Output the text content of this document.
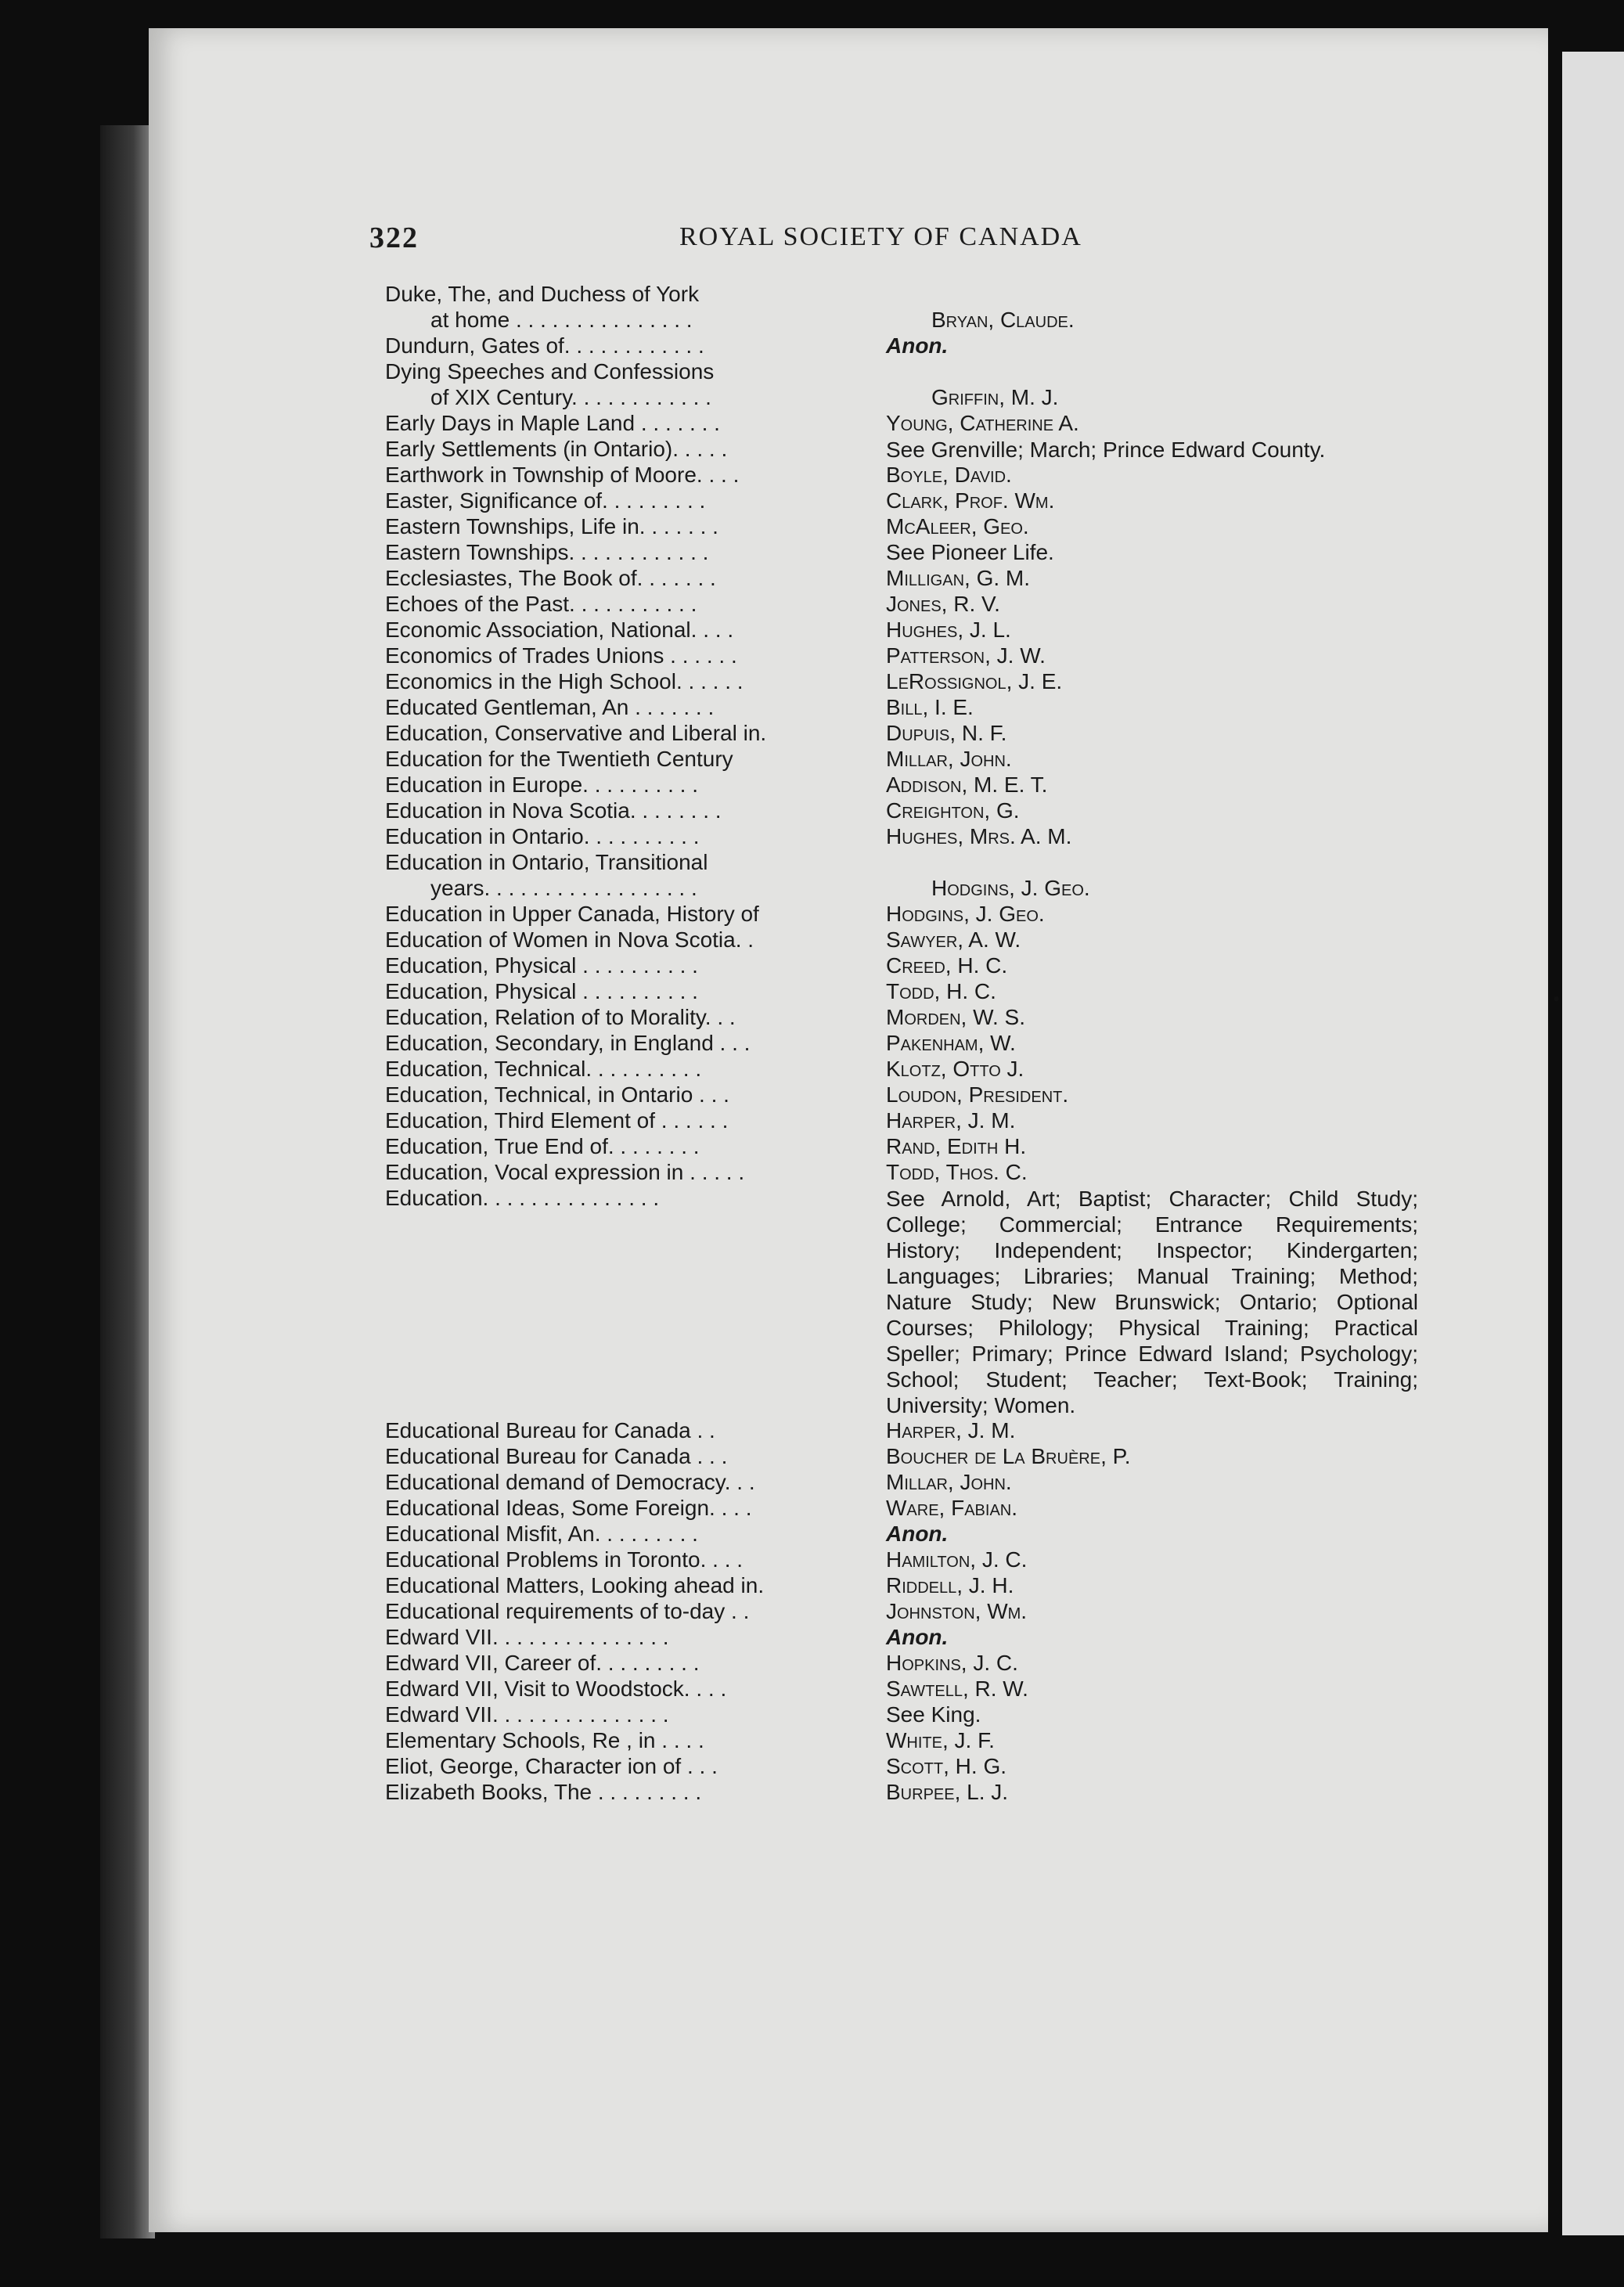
322	ROYAL SOCIETY OF CANADA
Duke, The, and Duchess of York
at home . . . . . . . . . . . . . . .	Bryan, Claude.
Dundurn, Gates of. . . . . . . . . . . .	Anon.
Dying Speeches and Confessions
of XIX Century. . . . . . . . . . . .	Griffin, M. J.
Early Days in Maple Land . . . . . . .	Young, Catherine A.
Early Settlements (in Ontario). . . . .	See Grenville; March; Prince Edward County.
Earthwork in Township of Moore. . . .	Boyle, David.
Easter, Significance of. . . . . . . . .	Clark, Prof. Wm.
Eastern Townships, Life in. . . . . . .	McAleer, Geo.
Eastern Townships. . . . . . . . . . . .	See Pioneer Life.
Ecclesiastes, The Book of. . . . . . .	Milligan, G. M.
Echoes of the Past. . . . . . . . . . .	Jones, R. V.
Economic Association, National. . . .	Hughes, J. L.
Economics of Trades Unions . . . . . .	Patterson, J. W.
Economics in the High School. . . . . .	LeRossignol, J. E.
Educated Gentleman, An . . . . . . .	Bill, I. E.
Education, Conservative and Liberal in.	Dupuis, N. F.
Education for the Twentieth Century	Millar, John.
Education in Europe. . . . . . . . . .	Addison, M. E. T.
Education in Nova Scotia. . . . . . . .	Creighton, G.
Education in Ontario. . . . . . . . . .	Hughes, Mrs. A. M.
Education in Ontario, Transitional
years. . . . . . . . . . . . . . . . . .	Hodgins, J. Geo.
Education in Upper Canada, History of	Hodgins, J. Geo.
Education of Women in Nova Scotia. .	Sawyer, A. W.
Education, Physical . . . . . . . . . .	Creed, H. C.
Education, Physical . . . . . . . . . .	Todd, H. C.
Education, Relation of to Morality. . .	Morden, W. S.
Education, Secondary, in England . . .	Pakenham, W.
Education, Technical. . . . . . . . . .	Klotz, Otto J.
Education, Technical, in Ontario . . .	Loudon, President.
Education, Third Element of . . . . . .	Harper, J. M.
Education, True End of. . . . . . . .	Rand, Edith H.
Education, Vocal expression in . . . . .	Todd, Thos. C.
Education. . . . . . . . . . . . . . .	See Arnold, Art; Baptist; Character; Child Study; College; Commercial; Entrance Requirements; History; Independent; Inspector; Kindergarten; Languages; Libraries; Manual Training; Method; Nature Study; New Brunswick; Ontario; Optional Courses; Philology; Physical Training; Practical Speller; Primary; Prince Edward Island; Psychology; School; Student; Teacher; Text-Book; Training; University; Women.
Educational Bureau for Canada . .	Harper, J. M.
Educational Bureau for Canada . . .	Boucher de La Bruère, P.
Educational demand of Democracy. . .	Millar, John.
Educational Ideas, Some Foreign. . . .	Ware, Fabian.
Educational Misfit, An. . . . . . . . .	Anon.
Educational Problems in Toronto. . . .	Hamilton, J. C.
Educational Matters, Looking ahead in.	Riddell, J. H.
Educational requirements of to-day . .	Johnston, Wm.
Edward VII. . . . . . . . . . . . . . .	Anon.
Edward VII, Career of. . . . . . . . .	Hopkins, J. C.
Edward VII, Visit to Woodstock. . . .	Sawtell, R. W.
Edward VII. . . . . . . . . . . . . . .	See King.
Elementary Schools, Re , in . . . .	White, J. F.
Eliot, George, Character ion of . . .	Scott, H. G.
Elizabeth Books, The . . . . . . . . .	Burpee, L. J.
•
